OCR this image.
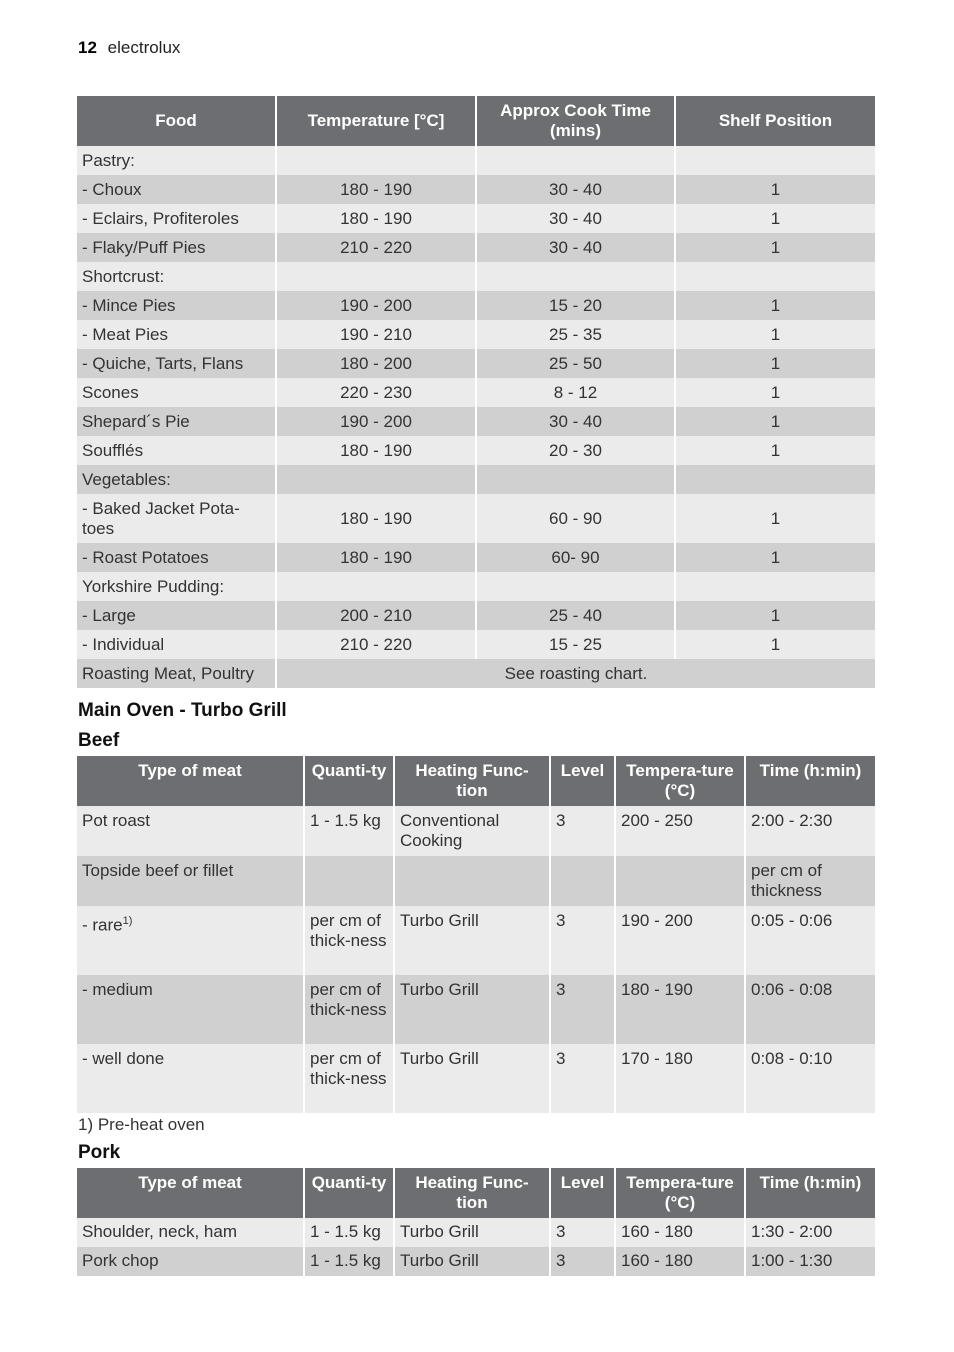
12 electrolux
Food	Temperature [°C]	Approx Cook Time (mins)	Shelf Position
Pastry:			
- Choux	180 - 190	30 - 40	1
- Eclairs, Profiteroles	180 - 190	30 - 40	1
- Flaky/Puff Pies	210 - 220	30 - 40	1
Shortcrust:			
- Mince Pies	190 - 200	15 - 20	1
- Meat Pies	190 - 210	25 - 35	1
- Quiche, Tarts, Flans	180 - 200	25 - 50	1
Scones	220 - 230	8 - 12	1
Shepard´s Pie	190 - 200	30 - 40	1
Soufflés	180 - 190	20 - 30	1
Vegetables:			
- Baked Jacket Pota-toes	180 - 190	60 - 90	1
- Roast Potatoes	180 - 190	60- 90	1
Yorkshire Pudding:			
- Large	200 - 210	25 - 40	1
- Individual	210 - 220	15 - 25	1
Roasting Meat, Poultry	See roasting chart.		
Main Oven - Turbo Grill
Beef
Type of meat	Quanti-ty	Heating Func-tion	Level	Tempera-ture (°C)	Time (h:min)
Pot roast	1 - 1.5 kg	Conventional Cooking	3	200 - 250	2:00 - 2:30
Topside beef or fillet					per cm of thickness
- rare$^{1)}$	per cm of thick-ness	Turbo Grill	3	190 - 200	0:05 - 0:06
- medium	per cm of thick-ness	Turbo Grill	3	180 - 190	0:06 - 0:08
- well done	per cm of thick-ness	Turbo Grill	3	170 - 180	0:08 - 0:10
1) Pre-heat oven
Pork
Type of meat	Quanti-ty	Heating Func-tion	Level	Tempera-ture (°C)	Time (h:min)
Shoulder, neck, ham	1 - 1.5 kg	Turbo Grill	3	160 - 180	1:30 - 2:00
Pork chop	1 - 1.5 kg	Turbo Grill	3	160 - 180	1:00 - 1:30
